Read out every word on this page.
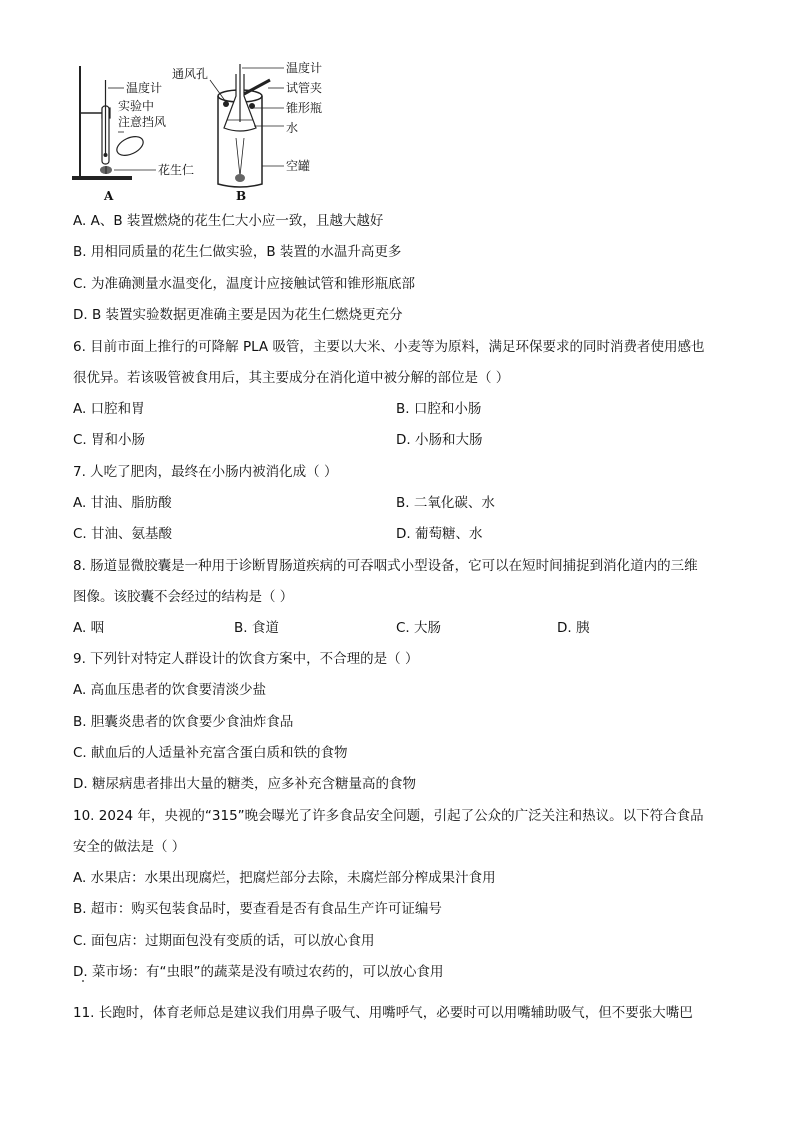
温度计
实验中
注意挡风
花生仁
A
通风孔	温度计
试管夹
锥形瓶
水
空罐
B
A. A、B 装置燃烧的花生仁大小应一致，且越大越好
B. 用相同质量的花生仁做实验，B 装置的水温升高更多
C. 为准确测量水温变化，温度计应接触试管和锥形瓶底部
D. B 装置实验数据更准确主要是因为花生仁燃烧更充分
6. 目前市面上推行的可降解 PLA 吸管，主要以大米、小麦等为原料，满足环保要求的同时消费者使用感也
很优异。若该吸管被食用后，其主要成分在消化道中被分解的部位是（ ）
A. 口腔和胃	B. 口腔和小肠
C. 胃和小肠	D. 小肠和大肠
7. 人吃了肥肉，最终在小肠内被消化成（ ）
A. 甘油、脂肪酸	B. 二氧化碳、水
C. 甘油、氨基酸	D. 葡萄糖、水
8. 肠道显微胶囊是一种用于诊断胃肠道疾病的可吞咽式小型设备，它可以在短时间捕捉到消化道内的三维
图像。该胶囊不会经过的结构是（ ）
A. 咽	B. 食道	C. 大肠	D. 胰
9. 下列针对特定人群设计的饮食方案中，不合理的是（ ）
A. 高血压患者的饮食要清淡少盐
B. 胆囊炎患者的饮食要少食油炸食品
C. 献血后的人适量补充富含蛋白质和铁的食物
D. 糖尿病患者排出大量的糖类，应多补充含糖量高的食物
10. 2024 年，央视的“315”晚会曝光了许多食品安全问题，引起了公众的广泛关注和热议。以下符合食品
安全的做法是（ ）
A. 水果店：水果出现腐烂，把腐烂部分去除，未腐烂部分榨成果汁食用
B. 超市：购买包装食品时，要查看是否有食品生产许可证编号
C. 面包店：过期面包没有变质的话，可以放心食用
D. 菜市场：有“虫眼”的蔬菜是没有喷过农药的，可以放心食用
11. 长跑时，体育老师总是建议我们用鼻子吸气、用嘴呼气，必要时可以用嘴辅助吸气，但不要张大嘴巴
